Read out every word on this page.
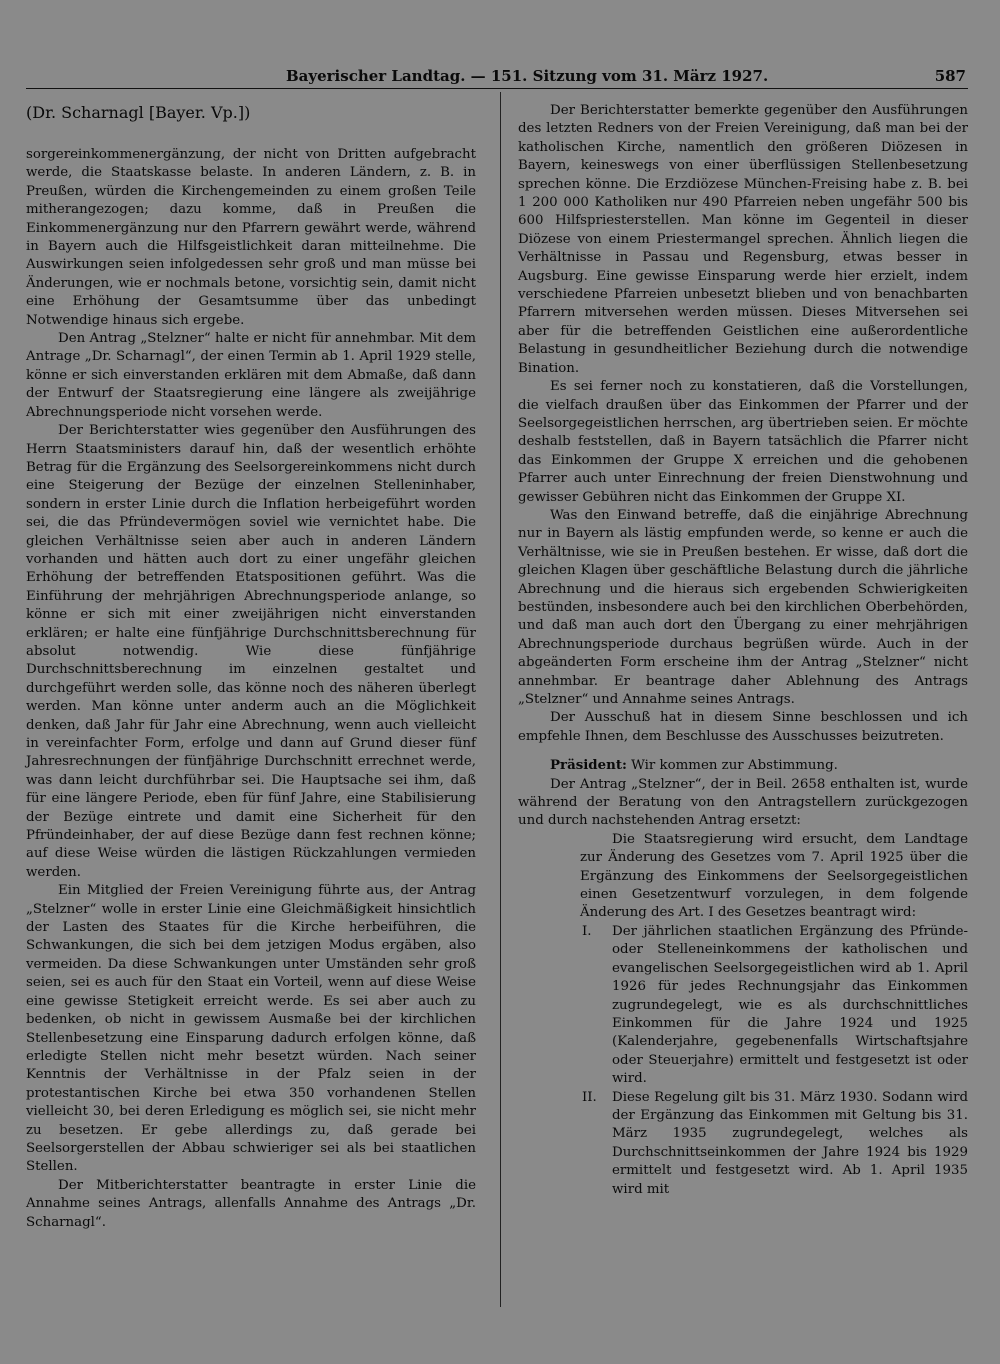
Bayerischer Landtag. — 151. Sitzung vom 31. März 1927.	587
(Dr. Scharnagl [Bayer. Vp.])

sorgereinkommenergänzung, der nicht von Dritten aufgebracht werde, die Staatskasse belaste. In anderen Ländern, z. B. in Preußen, würden die Kirchengemeinden zu einem großen Teile mitherangezogen; dazu komme, daß in Preußen die Einkommenergänzung nur den Pfarrern gewährt werde, während in Bayern auch die Hilfsgeistlichkeit daran mitteilnehme. Die Auswirkungen seien infolgedessen sehr groß und man müsse bei Änderungen, wie er nochmals betone, vorsichtig sein, damit nicht eine Erhöhung der Gesamtsumme über das unbedingt Notwendige hinaus sich ergebe.

Den Antrag „Stelzner“ halte er nicht für annehmbar. Mit dem Antrage „Dr. Scharnagl“, der einen Termin ab 1. April 1929 stelle, könne er sich einverstanden erklären mit dem Abmaße, daß dann der Entwurf der Staatsregierung eine längere als zweijährige Abrechnungsperiode nicht vorsehen werde.

Der Berichterstatter wies gegenüber den Ausführungen des Herrn Staatsministers darauf hin, daß der wesentlich erhöhte Betrag für die Ergänzung des Seelsorgereinkommens nicht durch eine Steigerung der Bezüge der einzelnen Stelleninhaber, sondern in erster Linie durch die Inflation herbeigeführt worden sei, die das Pfründevermögen soviel wie vernichtet habe. Die gleichen Verhältnisse seien aber auch in anderen Ländern vorhanden und hätten auch dort zu einer ungefähr gleichen Erhöhung der betreffenden Etatspositionen geführt. Was die Einführung der mehrjährigen Abrechnungsperiode anlange, so könne er sich mit einer zweijährigen nicht einverstanden erklären; er halte eine fünfjährige Durchschnittsberechnung für absolut notwendig. Wie diese fünfjährige Durchschnittsberechnung im einzelnen gestaltet und durchgeführt werden solle, das könne noch des näheren überlegt werden. Man könne unter anderm auch an die Möglichkeit denken, daß Jahr für Jahr eine Abrechnung, wenn auch vielleicht in vereinfachter Form, erfolge und dann auf Grund dieser fünf Jahresrechnungen der fünfjährige Durchschnitt errechnet werde, was dann leicht durchführbar sei. Die Hauptsache sei ihm, daß für eine längere Periode, eben für fünf Jahre, eine Stabilisierung der Bezüge eintrete und damit eine Sicherheit für den Pfründeinhaber, der auf diese Bezüge dann fest rechnen könne; auf diese Weise würden die lästigen Rückzahlungen vermieden werden.

Ein Mitglied der Freien Vereinigung führte aus, der Antrag „Stelzner“ wolle in erster Linie eine Gleichmäßigkeit hinsichtlich der Lasten des Staates für die Kirche herbeiführen, die Schwankungen, die sich bei dem jetzigen Modus ergäben, also vermeiden. Da diese Schwankungen unter Umständen sehr groß seien, sei es auch für den Staat ein Vorteil, wenn auf diese Weise eine gewisse Stetigkeit erreicht werde. Es sei aber auch zu bedenken, ob nicht in gewissem Ausmaße bei der kirchlichen Stellenbesetzung eine Einsparung dadurch erfolgen könne, daß erledigte Stellen nicht mehr besetzt würden. Nach seiner Kenntnis der Verhältnisse in der Pfalz seien in der protestantischen Kirche bei etwa 350 vorhandenen Stellen vielleicht 30, bei deren Erledigung es möglich sei, sie nicht mehr zu besetzen. Er gebe allerdings zu, daß gerade bei Seelsorgerstellen der Abbau schwieriger sei als bei staatlichen Stellen.

Der Mitberichterstatter beantragte in erster Linie die Annahme seines Antrags, allenfalls Annahme des Antrags „Dr. Scharnagl“.

Der Berichterstatter bemerkte gegenüber den Ausführungen des letzten Redners von der Freien Vereinigung, daß man bei der katholischen Kirche, namentlich den größeren Diözesen in Bayern, keineswegs von einer überflüssigen Stellenbesetzung sprechen könne. Die Erzdiözese München-Freising habe z. B. bei 1 200 000 Katholiken nur 490 Pfarreien neben ungefähr 500 bis 600 Hilfspriesterstellen. Man könne im Gegenteil in dieser Diözese von einem Priestermangel sprechen. Ähnlich liegen die Verhältnisse in Passau und Regensburg, etwas besser in Augsburg. Eine gewisse Einsparung werde hier erzielt, indem verschiedene Pfarreien unbesetzt blieben und von benachbarten Pfarrern mitversehen werden müssen. Dieses Mitversehen sei aber für die betreffenden Geistlichen eine außerordentliche Belastung in gesundheitlicher Beziehung durch die notwendige Bination.

Es sei ferner noch zu konstatieren, daß die Vorstellungen, die vielfach draußen über das Einkommen der Pfarrer und der Seelsorgegeistlichen herrschen, arg übertrieben seien. Er möchte deshalb feststellen, daß in Bayern tatsächlich die Pfarrer nicht das Einkommen der Gruppe X erreichen und die gehobenen Pfarrer auch unter Einrechnung der freien Dienstwohnung und gewisser Gebühren nicht das Einkommen der Gruppe XI.

Was den Einwand betreffe, daß die einjährige Abrechnung nur in Bayern als lästig empfunden werde, so kenne er auch die Verhältnisse, wie sie in Preußen bestehen. Er wisse, daß dort die gleichen Klagen über geschäftliche Belastung durch die jährliche Abrechnung und die hieraus sich ergebenden Schwierigkeiten bestünden, insbesondere auch bei den kirchlichen Oberbehörden, und daß man auch dort den Übergang zu einer mehrjährigen Abrechnungsperiode durchaus begrüßen würde. Auch in der abgeänderten Form erscheine ihm der Antrag „Stelzner“ nicht annehmbar. Er beantrage daher Ablehnung des Antrags „Stelzner“ und Annahme seines Antrags.

Der Ausschuß hat in diesem Sinne beschlossen und ich empfehle Ihnen, dem Beschlusse des Ausschusses beizutreten.

Präsident: Wir kommen zur Abstimmung.

Der Antrag „Stelzner“, der in Beil. 2658 enthalten ist, wurde während der Beratung von den Antragstellern zurückgezogen und durch nachstehenden Antrag ersetzt:

Die Staatsregierung wird ersucht, dem Landtage zur Änderung des Gesetzes vom 7. April 1925 über die Ergänzung des Einkommens der Seelsorgegeistlichen einen Gesetzentwurf vorzulegen, in dem folgende Änderung des Art. I des Gesetzes beantragt wird:

I. Der jährlichen staatlichen Ergänzung des Pfründe- oder Stelleneinkommens der katholischen und evangelischen Seelsorgegeistlichen wird ab 1. April 1926 für jedes Rechnungsjahr das Einkommen zugrundegelegt, wie es als durchschnittliches Einkommen für die Jahre 1924 und 1925 (Kalenderjahre, gegebenenfalls Wirtschaftsjahre oder Steuerjahre) ermittelt und festgesetzt ist oder wird.
II. Diese Regelung gilt bis 31. März 1930. Sodann wird der Ergänzung das Einkommen mit Geltung bis 31. März 1935 zugrundegelegt, welches als Durchschnittseinkommen der Jahre 1924 bis 1929 ermittelt und festgesetzt wird. Ab 1. April 1935 wird mit
